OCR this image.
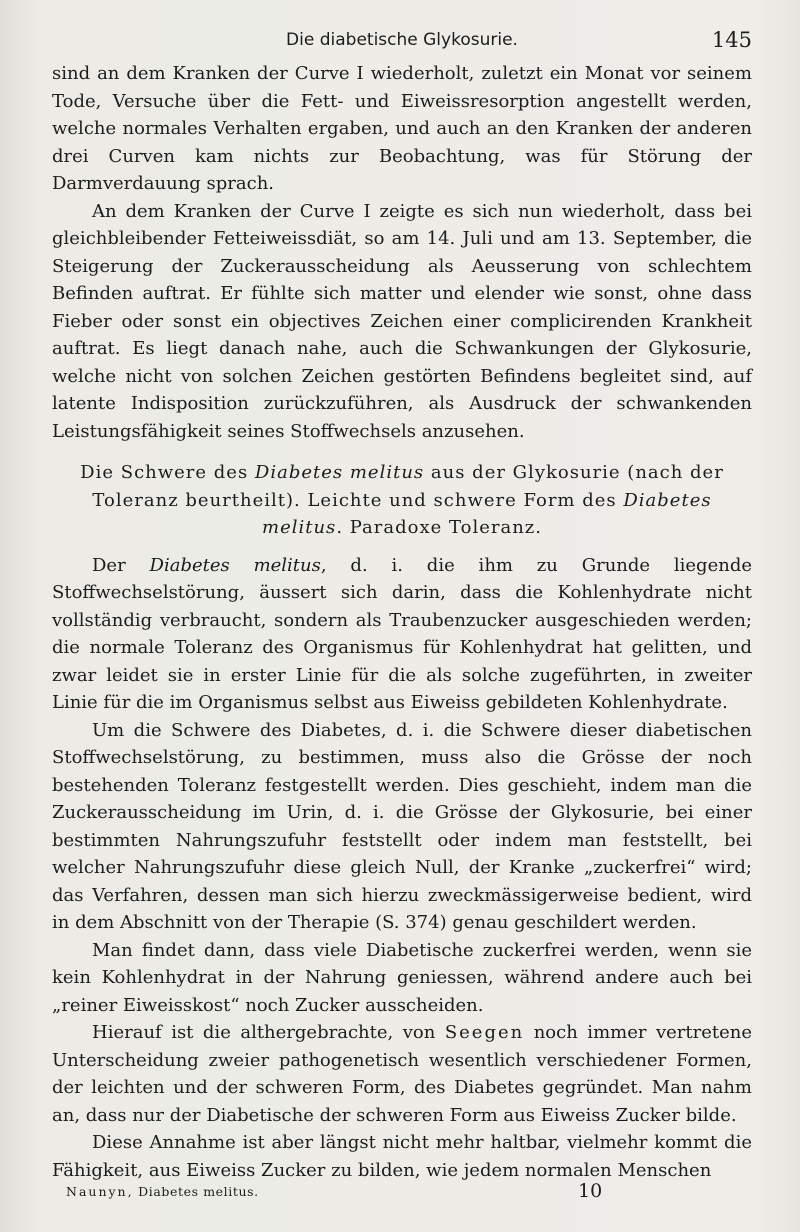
Die diabetische Glykosurie.	145

sind an dem Kranken der Curve I wiederholt, zuletzt ein Monat vor seinem Tode, Versuche über die Fett- und Eiweissresorption angestellt werden, welche normales Verhalten ergaben, und auch an den Kranken der anderen drei Curven kam nichts zur Beobachtung, was für Störung der Darmverdauung sprach.

An dem Kranken der Curve I zeigte es sich nun wiederholt, dass bei gleichbleibender Fetteiweissdiät, so am 14. Juli und am 13. September, die Steigerung der Zuckerausscheidung als Aeusserung von schlechtem Befinden auftrat. Er fühlte sich matter und elender wie sonst, ohne dass Fieber oder sonst ein objectives Zeichen einer complicirenden Krankheit auftrat. Es liegt danach nahe, auch die Schwankungen der Glykosurie, welche nicht von solchen Zeichen gestörten Befindens begleitet sind, auf latente Indisposition zurückzuführen, als Ausdruck der schwankenden Leistungsfähigkeit seines Stoffwechsels anzusehen.

Die Schwere des Diabetes melitus aus der Glykosurie (nach der Toleranz beurtheilt). Leichte und schwere Form des Diabetes melitus. Paradoxe Toleranz.

Der Diabetes melitus, d. i. die ihm zu Grunde liegende Stoffwechselstörung, äussert sich darin, dass die Kohlenhydrate nicht vollständig verbraucht, sondern als Traubenzucker ausgeschieden werden; die normale Toleranz des Organismus für Kohlenhydrat hat gelitten, und zwar leidet sie in erster Linie für die als solche zugeführten, in zweiter Linie für die im Organismus selbst aus Eiweiss gebildeten Kohlenhydrate.

Um die Schwere des Diabetes, d. i. die Schwere dieser diabetischen Stoffwechselstörung, zu bestimmen, muss also die Grösse der noch bestehenden Toleranz festgestellt werden. Dies geschieht, indem man die Zuckerausscheidung im Urin, d. i. die Grösse der Glykosurie, bei einer bestimmten Nahrungszufuhr feststellt oder indem man feststellt, bei welcher Nahrungszufuhr diese gleich Null, der Kranke „zuckerfrei“ wird; das Verfahren, dessen man sich hierzu zweckmässigerweise bedient, wird in dem Abschnitt von der Therapie (S. 374) genau geschildert werden.

Man findet dann, dass viele Diabetische zuckerfrei werden, wenn sie kein Kohlenhydrat in der Nahrung geniessen, während andere auch bei „reiner Eiweisskost“ noch Zucker ausscheiden.

Hierauf ist die althergebrachte, von Seegen noch immer vertretene Unterscheidung zweier pathogenetisch wesentlich verschiedener Formen, der leichten und der schweren Form, des Diabetes gegründet. Man nahm an, dass nur der Diabetische der schweren Form aus Eiweiss Zucker bilde.

Diese Annahme ist aber längst nicht mehr haltbar, vielmehr kommt die Fähigkeit, aus Eiweiss Zucker zu bilden, wie jedem normalen Menschen

Naunyn, Diabetes melitus.	10
